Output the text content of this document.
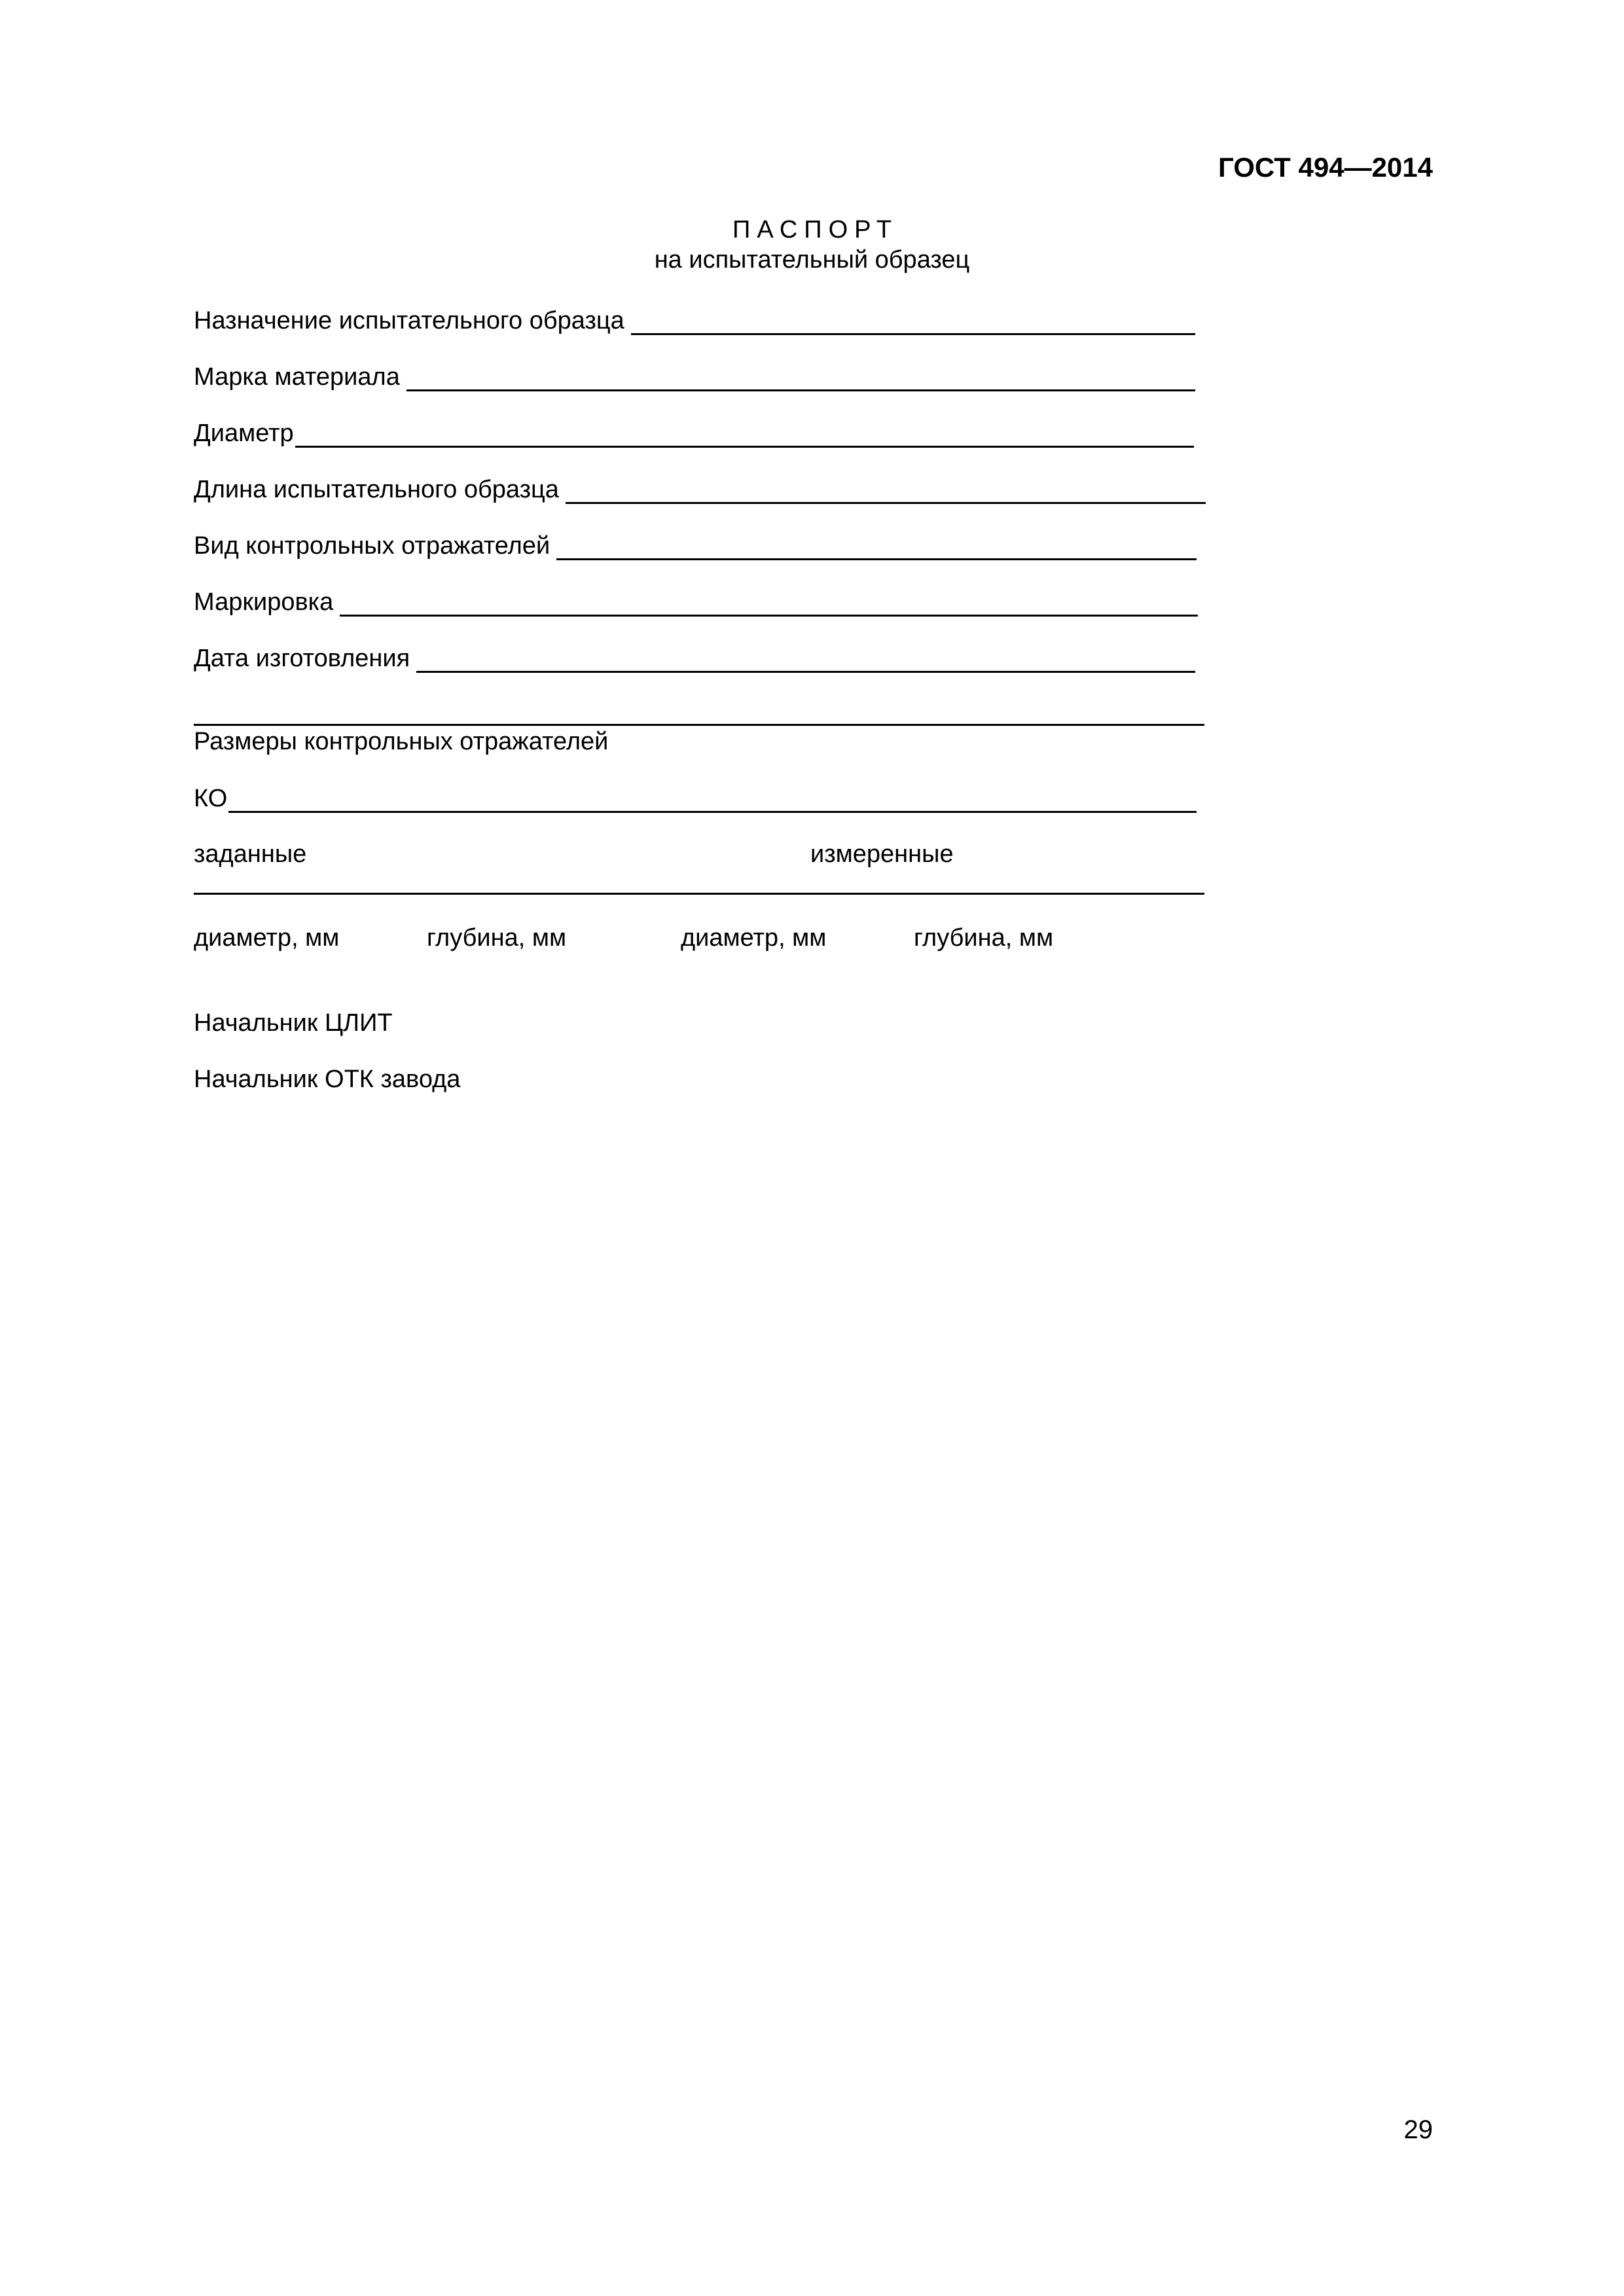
ГОСТ 494—2014
ПАСПОРТ
на испытательный образец
Назначение испытательного образца
Марка материала
Диаметр
Длина испытательного образца
Вид контрольных отражателей
Маркировка
Дата изготовления
Размеры контрольных отражателей
КО
заданные	измеренные
диаметр, мм	глубина, мм	диаметр, мм	глубина, мм
Начальник ЦЛИТ
Начальник ОТК завода
29
